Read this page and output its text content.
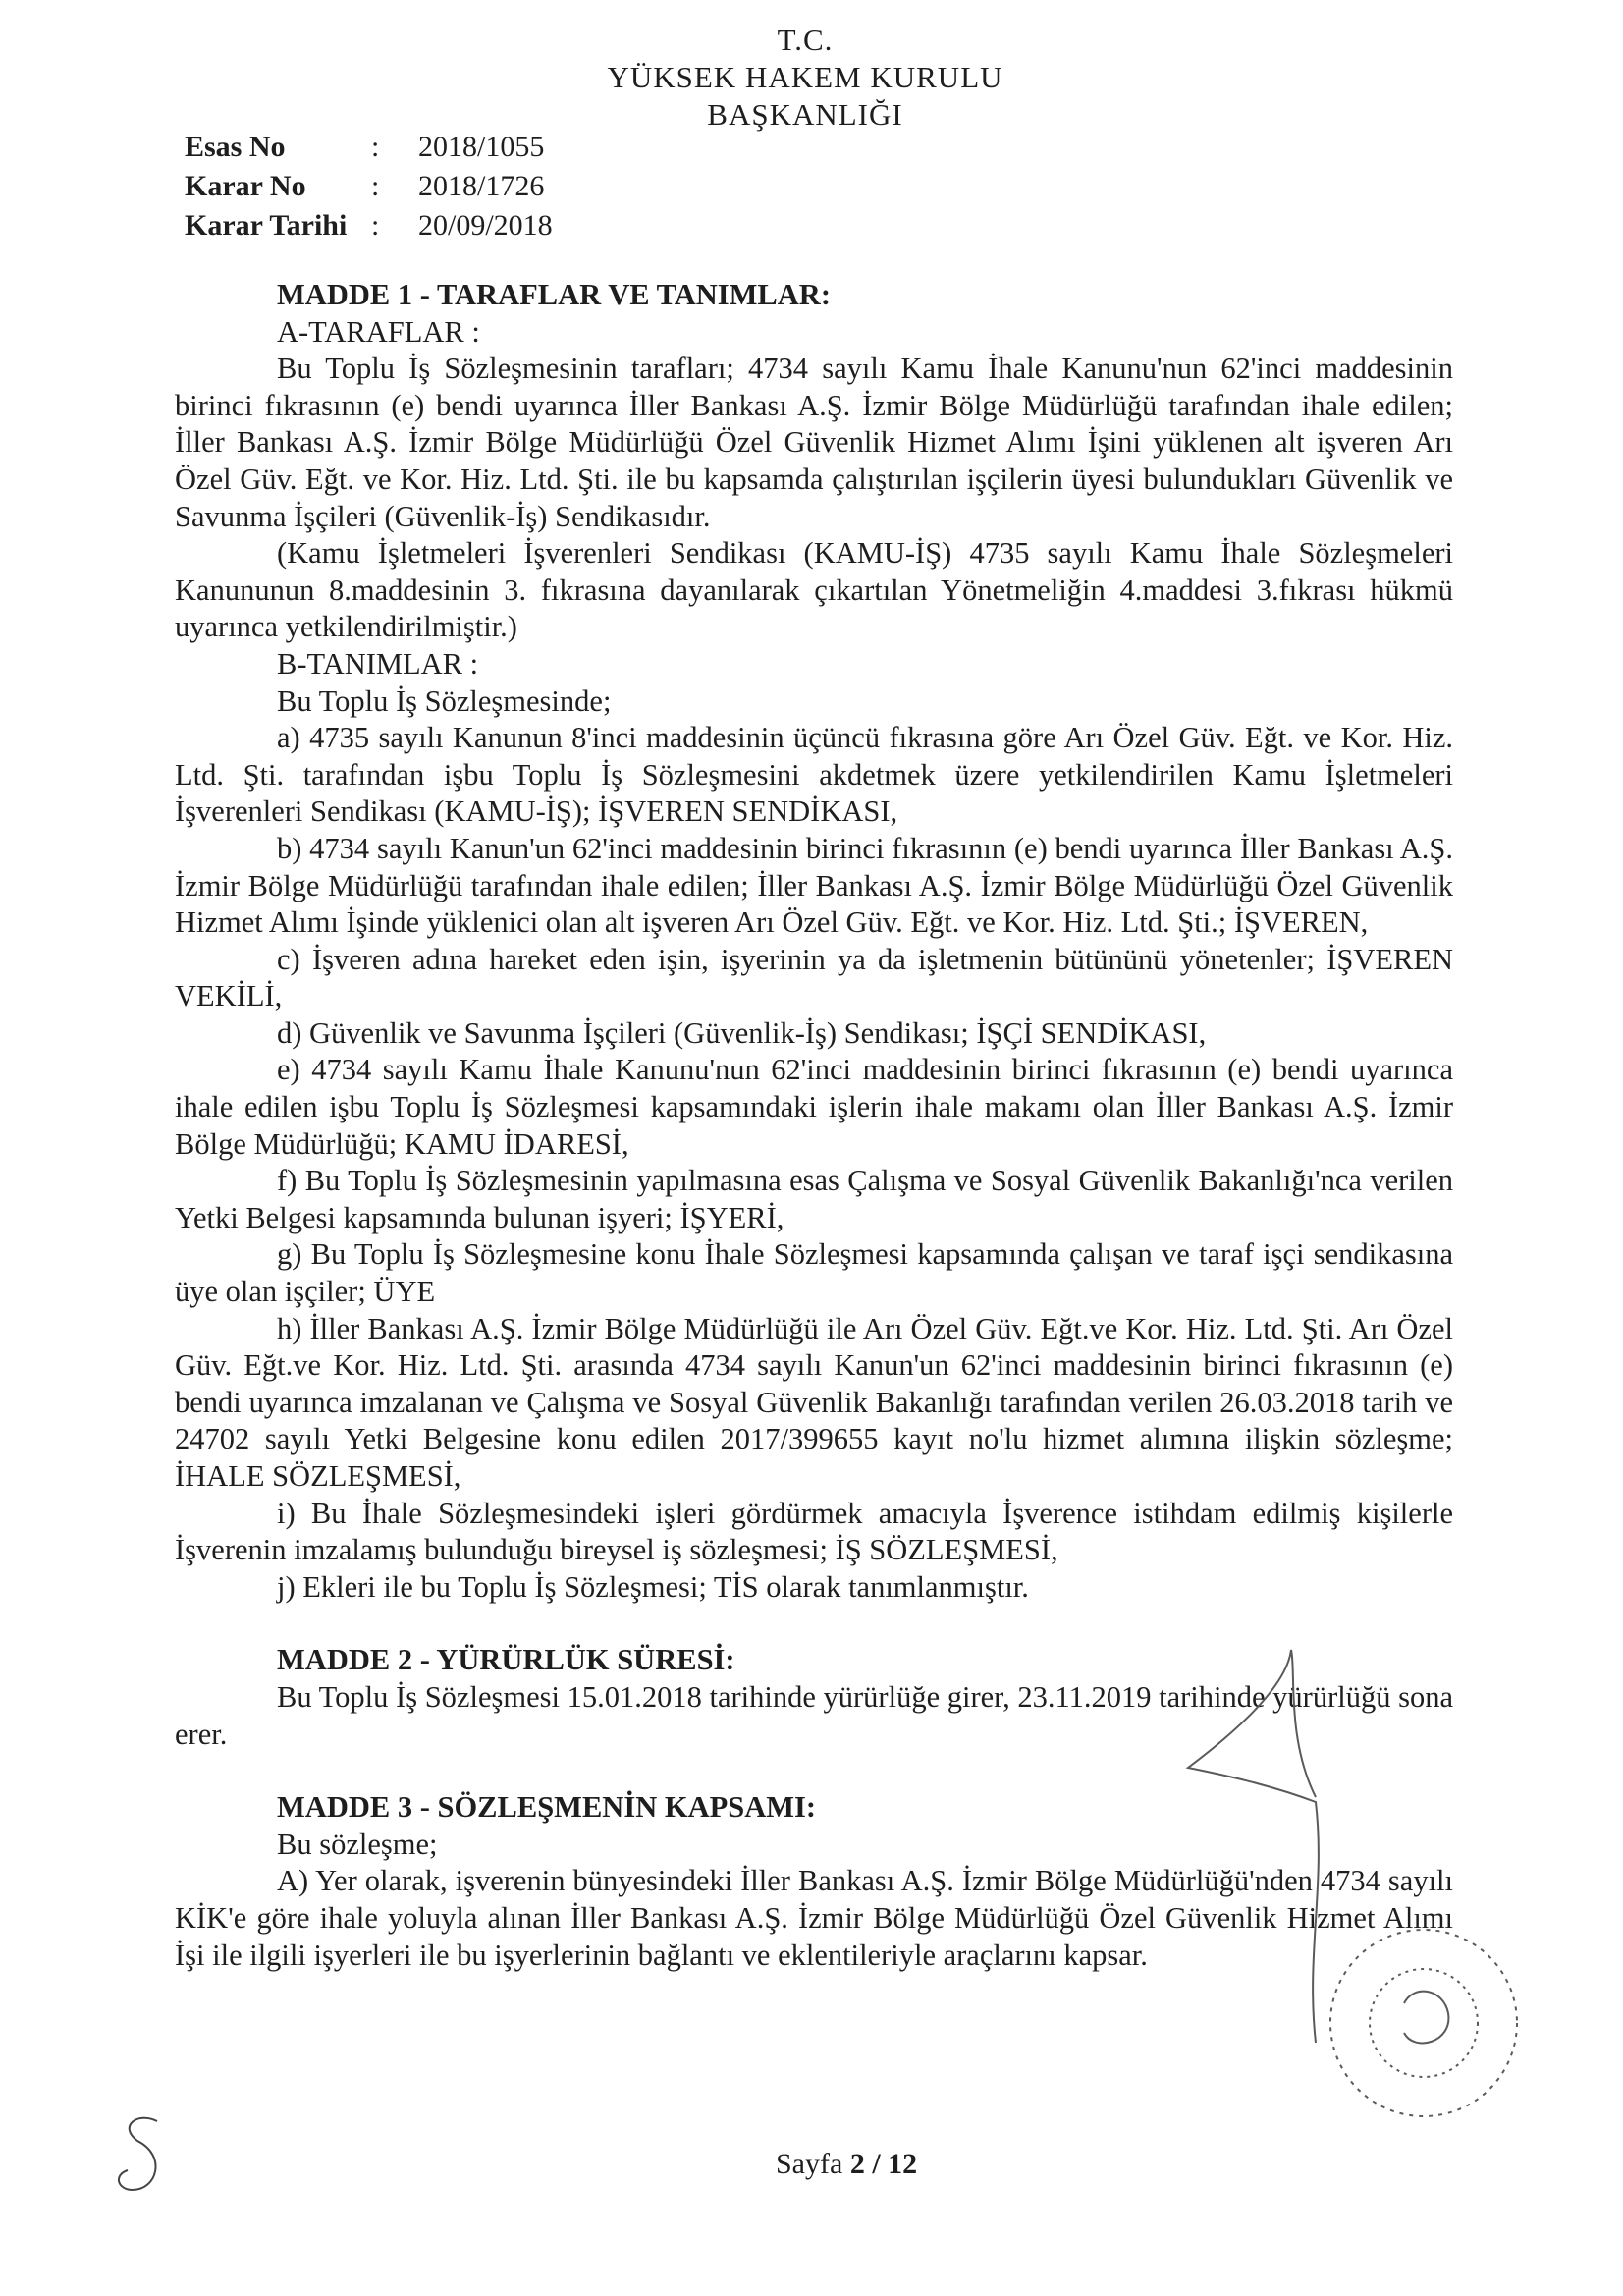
T.C.
YÜKSEK HAKEM KURULU
BAŞKANLIĞI
Esas No	:	2018/1055
Karar No	:	2018/1726
Karar Tarihi :	20/09/2018

MADDE 1 - TARAFLAR VE TANIMLAR:

A-TARAFLAR :

Bu Toplu İş Sözleşmesinin tarafları; 4734 sayılı Kamu İhale Kanunu'nun 62'inci maddesinin birinci fıkrasının (e) bendi uyarınca İller Bankası A.Ş. İzmir Bölge Müdürlüğü tarafından ihale edilen; İller Bankası A.Ş. İzmir Bölge Müdürlüğü Özel Güvenlik Hizmet Alımı İşini yüklenen alt işveren Arı Özel Güv. Eğt. ve Kor. Hiz. Ltd. Şti. ile bu kapsamda çalıştırılan işçilerin üyesi bulundukları Güvenlik ve Savunma İşçileri (Güvenlik-İş) Sendikasıdır.

(Kamu İşletmeleri İşverenleri Sendikası (KAMU-İŞ) 4735 sayılı Kamu İhale Sözleşmeleri Kanununun 8.maddesinin 3. fıkrasına dayanılarak çıkartılan Yönetmeliğin 4.maddesi 3.fıkrası hükmü uyarınca yetkilendirilmiştir.)

B-TANIMLAR :

Bu Toplu İş Sözleşmesinde;

a) 4735 sayılı Kanunun 8'inci maddesinin üçüncü fıkrasına göre Arı Özel Güv. Eğt. ve Kor. Hiz. Ltd. Şti. tarafından işbu Toplu İş Sözleşmesini akdetmek üzere yetkilendirilen Kamu İşletmeleri İşverenleri Sendikası (KAMU-İŞ); İŞVEREN SENDİKASI,

b) 4734 sayılı Kanun'un 62'inci maddesinin birinci fıkrasının (e) bendi uyarınca İller Bankası A.Ş. İzmir Bölge Müdürlüğü tarafından ihale edilen; İller Bankası A.Ş. İzmir Bölge Müdürlüğü Özel Güvenlik Hizmet Alımı İşinde yüklenici olan alt işveren Arı Özel Güv. Eğt. ve Kor. Hiz. Ltd. Şti.; İŞVEREN,

c) İşveren adına hareket eden işin, işyerinin ya da işletmenin bütününü yönetenler; İŞVEREN VEKİLİ,

d) Güvenlik ve Savunma İşçileri (Güvenlik-İş) Sendikası; İŞÇİ SENDİKASI,

e) 4734 sayılı Kamu İhale Kanunu'nun 62'inci maddesinin birinci fıkrasının (e) bendi uyarınca ihale edilen işbu Toplu İş Sözleşmesi kapsamındaki işlerin ihale makamı olan İller Bankası A.Ş. İzmir Bölge Müdürlüğü; KAMU İDARESİ,

f) Bu Toplu İş Sözleşmesinin yapılmasına esas Çalışma ve Sosyal Güvenlik Bakanlığı'nca verilen Yetki Belgesi kapsamında bulunan işyeri; İŞYERİ,

g) Bu Toplu İş Sözleşmesine konu İhale Sözleşmesi kapsamında çalışan ve taraf işçi sendikasına üye olan işçiler; ÜYE

h) İller Bankası A.Ş. İzmir Bölge Müdürlüğü ile Arı Özel Güv. Eğt.ve Kor. Hiz. Ltd. Şti. Arı Özel Güv. Eğt.ve Kor. Hiz. Ltd. Şti. arasında 4734 sayılı Kanun'un 62'inci maddesinin birinci fıkrasının (e) bendi uyarınca imzalanan ve Çalışma ve Sosyal Güvenlik Bakanlığı tarafından verilen 26.03.2018 tarih ve 24702 sayılı Yetki Belgesine konu edilen 2017/399655 kayıt no'lu hizmet alımına ilişkin sözleşme; İHALE SÖZLEŞMESİ,

i) Bu İhale Sözleşmesindeki işleri gördürmek amacıyla İşverence istihdam edilmiş kişilerle İşverenin imzalamış bulunduğu bireysel iş sözleşmesi; İŞ SÖZLEŞMESİ,

j) Ekleri ile bu Toplu İş Sözleşmesi; TİS olarak tanımlanmıştır.

MADDE 2 - YÜRÜRLÜK SÜRESİ:

Bu Toplu İş Sözleşmesi 15.01.2018 tarihinde yürürlüğe girer, 23.11.2019 tarihinde yürürlüğü sona erer.

MADDE 3 - SÖZLEŞMENİN KAPSAMI:

Bu sözleşme;

A) Yer olarak, işverenin bünyesindeki İller Bankası A.Ş. İzmir Bölge Müdürlüğü'nden 4734 sayılı KİK'e göre ihale yoluyla alınan İller Bankası A.Ş. İzmir Bölge Müdürlüğü Özel Güvenlik Hizmet Alımı İşi ile ilgili işyerleri ile bu işyerlerinin bağlantı ve eklentileriyle araçlarını kapsar.

Sayfa 2 / 12
